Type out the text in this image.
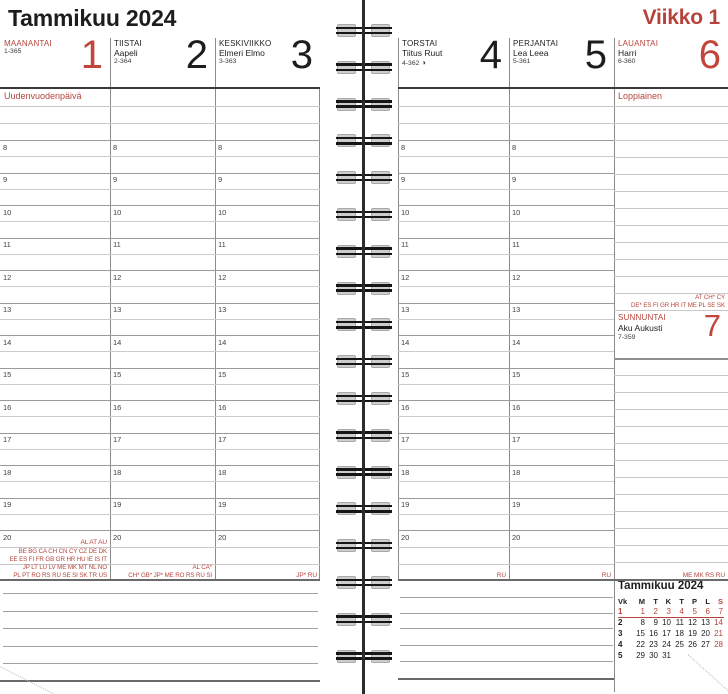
Tammikuu 2024	Viikko 1
Tammikuu 2024
MAANANTAI
1-365	1 TIISTAI
Aapeli
2-364	2 KESKIVIIKKO
Elmeri Elmo
3-363	3
Uudenvuodenpäivä
8
9
10
11
12
13
14
15
16
17
18
19
20
AL AT AU
BE BG CA CH CN CY CZ DE DK
EE ES FI FR GB GR HR HU IE IS IT
JP LT LU LV ME MK MT NL NO
PL PT RO RS RU SE SI SK TR US
8
9
10
11
12
13
14
15
16
17
18
19
20
AL CA*
CH* GB* JP* ME RO RS RU SI
8
9
10
11
12
13
14
15
16
17
18
19
20
JP* RU
TORSTAI
Tiitus Ruut
4-362 ◑	4 PERJANTAI
Lea Leea
5-361	5 LAUANTAI
Harri
6-360	6
8
9
10
11
12
13
14
15
16
17
18
19
20
RU
8
9
10
11
12
13
14
15
16
17
18
19
20
RU
Loppiainen
AT CH* CY
DE* ES FI GR HR IT ME PL SE SK
SUNNUNTAI
Aku Aukusti
7-359	7
ME MK RS RU
Vk	M	T	K	T	P	L	S
1	1	2	3	4	5	6	7
2	8	9 10 11 12 13 14
3	15 16 17 18 19 20 21
4	22 23 24 25 26 27 28
5	29 30 31
